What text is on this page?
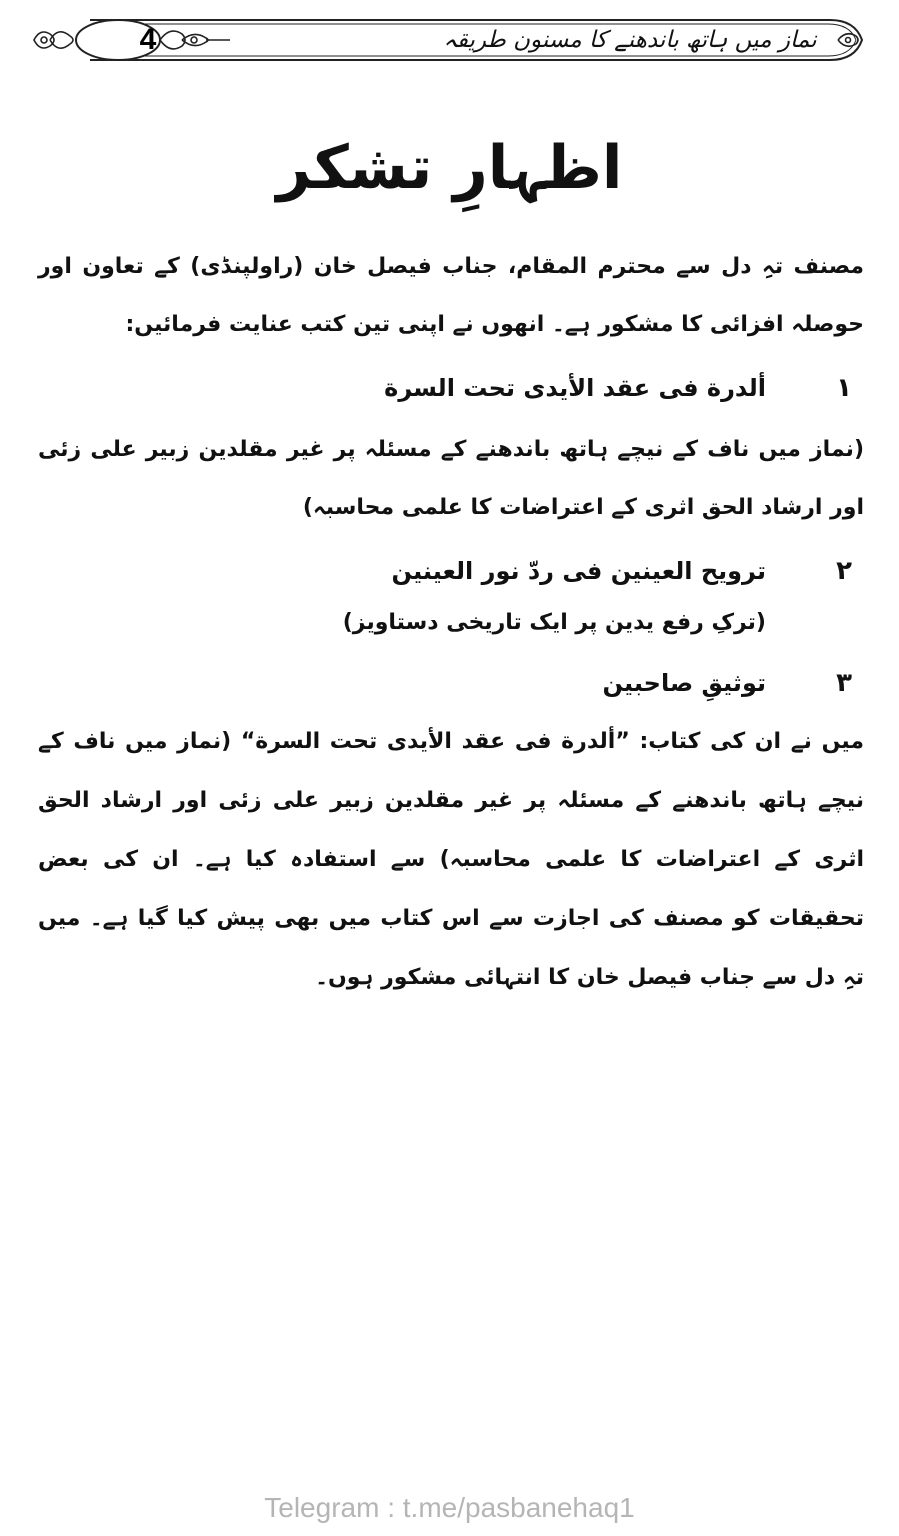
4	نماز میں ہاتھ باندھنے کا مسنون طریقہ
اظہارِ تشکر
مصنف تہِ دل سے محترم المقام، جناب فیصل خان (راولپنڈی) کے تعاون اور حوصلہ افزائی کا مشکور ہے۔ انھوں نے اپنی تین کتب عنایت فرمائیں:
۱
ألدرة فی عقد الأیدی تحت السرة
(نماز میں ناف کے نیچے ہاتھ باندھنے کے مسئلہ پر غیر مقلدین زبیر علی زئی اور ارشاد الحق اثری کے اعتراضات کا علمی محاسبہ)
۲
ترویح العینین فی ردّ نور العینین
(ترکِ رفع یدین پر ایک تاریخی دستاویز)
۳
توثیقِ صاحبین
میں نے ان کی کتاب: ”ألدرة فی عقد الأیدی تحت السرة“ (نماز میں ناف کے نیچے ہاتھ باندھنے کے مسئلہ پر غیر مقلدین زبیر علی زئی اور ارشاد الحق اثری کے اعتراضات کا علمی محاسبہ) سے استفادہ کیا ہے۔ ان کی بعض تحقیقات کو مصنف کی اجازت سے اس کتاب میں بھی پیش کیا گیا ہے۔ میں تہِ دل سے جناب فیصل خان کا انتہائی مشکور ہوں۔
Telegram : t.me/pasbanehaq1
